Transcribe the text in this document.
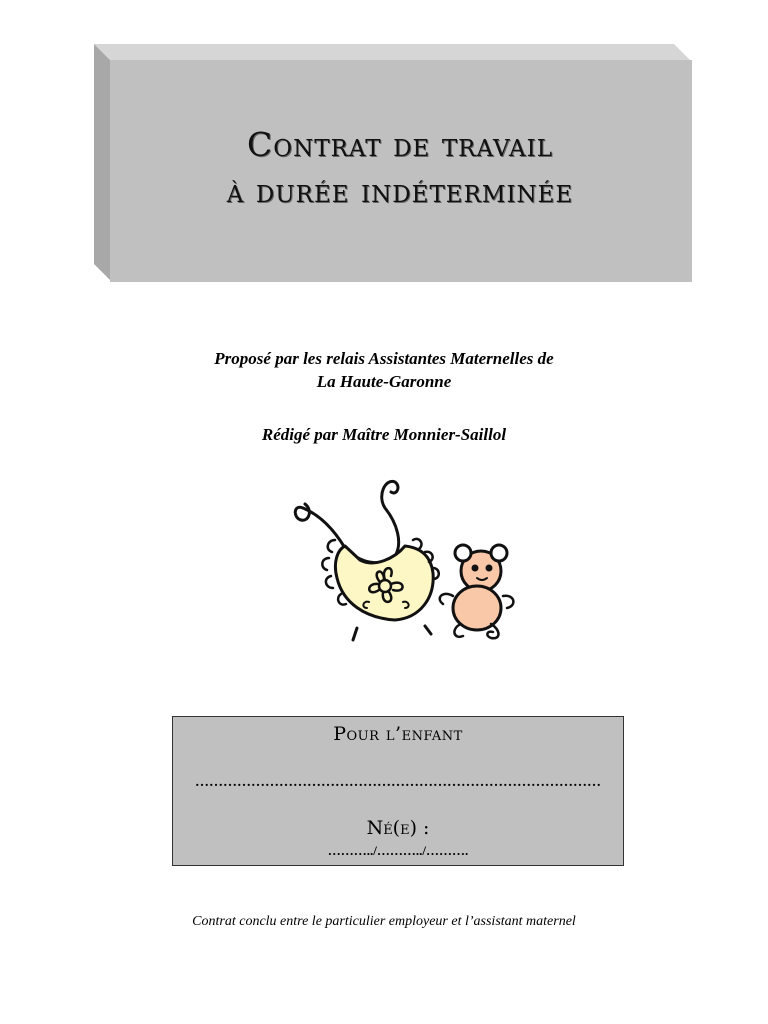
Contrat de travail
à durée indéterminée
Proposé par les relais Assistantes Maternelles de
La Haute-Garonne
Rédigé par Maître Monnier-Saillol
Pour l’enfant
……………………………………………………………………………
Né(e) :
………../………../……….
Contrat conclu entre le particulier employeur et l’assistant maternel
